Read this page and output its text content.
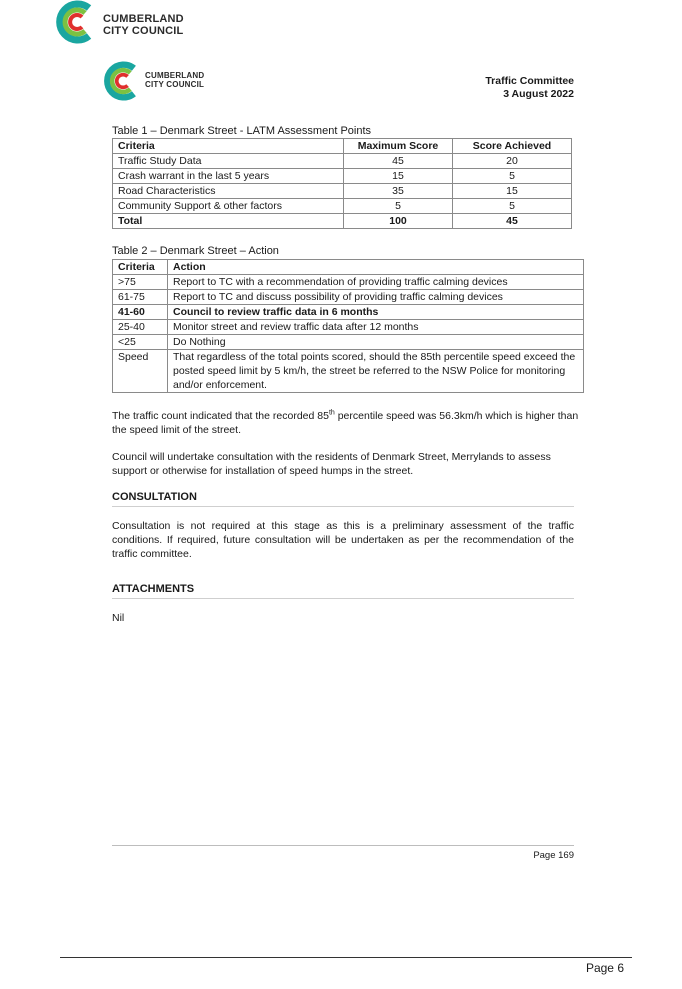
CUMBERLAND
CITY COUNCIL
CUMBERLAND
CITY COUNCIL	Traffic Committee
3 August 2022
Table 1 – Denmark Street - LATM Assessment Points
Criteria	Maximum Score	Score Achieved
Traffic Study Data	45	20
Crash warrant in the last 5 years	15	5
Road Characteristics	35	15
Community Support & other factors	5	5
Total	100	45
Table 2 – Denmark Street – Action
Criteria	Action
>75	Report to TC with a recommendation of providing traffic calming devices
61-75	Report to TC and discuss possibility of providing traffic calming devices
41-60	Council to review traffic data in 6 months
25-40	Monitor street and review traffic data after 12 months
<25	Do Nothing
Speed	That regardless of the total points scored, should the 85th percentile speed exceed the posted speed limit by 5 km/h, the street be referred to the NSW Police for monitoring and/or enforcement.
The traffic count indicated that the recorded 85th percentile speed was 56.3km/h which is higher than the speed limit of the street.
Council will undertake consultation with the residents of Denmark Street, Merrylands to assess support or otherwise for installation of speed humps in the street.
CONSULTATION
Consultation is not required at this stage as this is a preliminary assessment of the traffic conditions. If required, future consultation will be undertaken as per the recommendation of the traffic committee.
ATTACHMENTS
Nil
Page 169
Page 6
